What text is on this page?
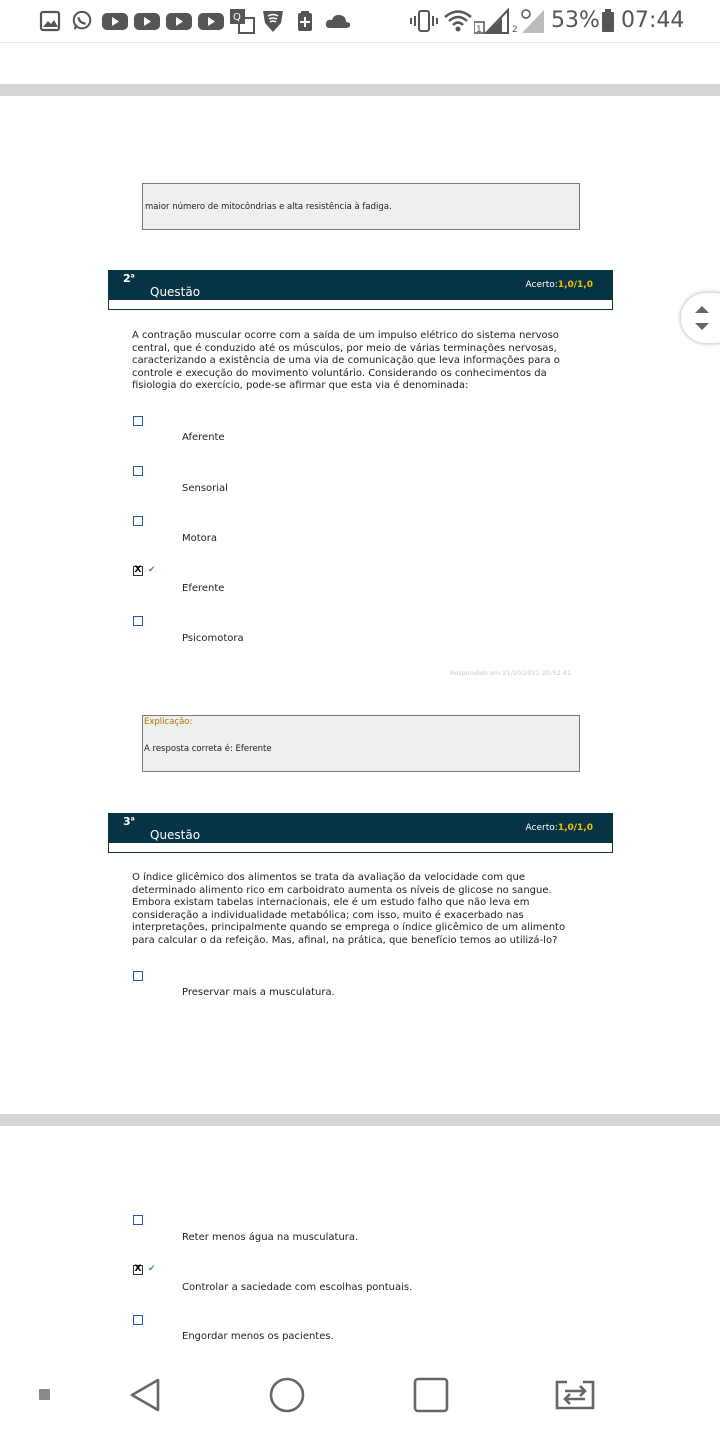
Q
1	2 53% 07:44
maior número de mitocôndrias e alta resistência à fadiga.
2$^a$
Questão	Acerto:1,0/1,0
A contração muscular ocorre com a saída de um impulso elétrico do sistema nervoso central, que é conduzido até os músculos, por meio de várias terminações nervosas, caracterizando a existência de uma via de comunicação que leva informações para o controle e execução do movimento voluntário. Considerando os conhecimentos da fisiologia do exercício, pode-se afirmar que esta via é denominada:
Aferente
Sensorial
Motora
X ✔
Eferente
Psicomotora
Respondido em 21/10/2021 20:52:41
Explicação:
A resposta correta é: Eferente
3$^a$
Questão	Acerto:1,0/1,0
O índice glicêmico dos alimentos se trata da avaliação da velocidade com que determinado alimento rico em carboidrato aumenta os níveis de glicose no sangue. Embora existam tabelas internacionais, ele é um estudo falho que não leva em consideração a individualidade metabólica; com isso, muito é exacerbado nas interpretações, principalmente quando se emprega o índice glicêmico de um alimento para calcular o da refeição. Mas, afinal, na prática, que benefício temos ao utilizá-lo?
Preservar mais a musculatura.
Reter menos água na musculatura.
X ✔
Controlar a saciedade com escolhas pontuais.
Engordar menos os pacientes.
